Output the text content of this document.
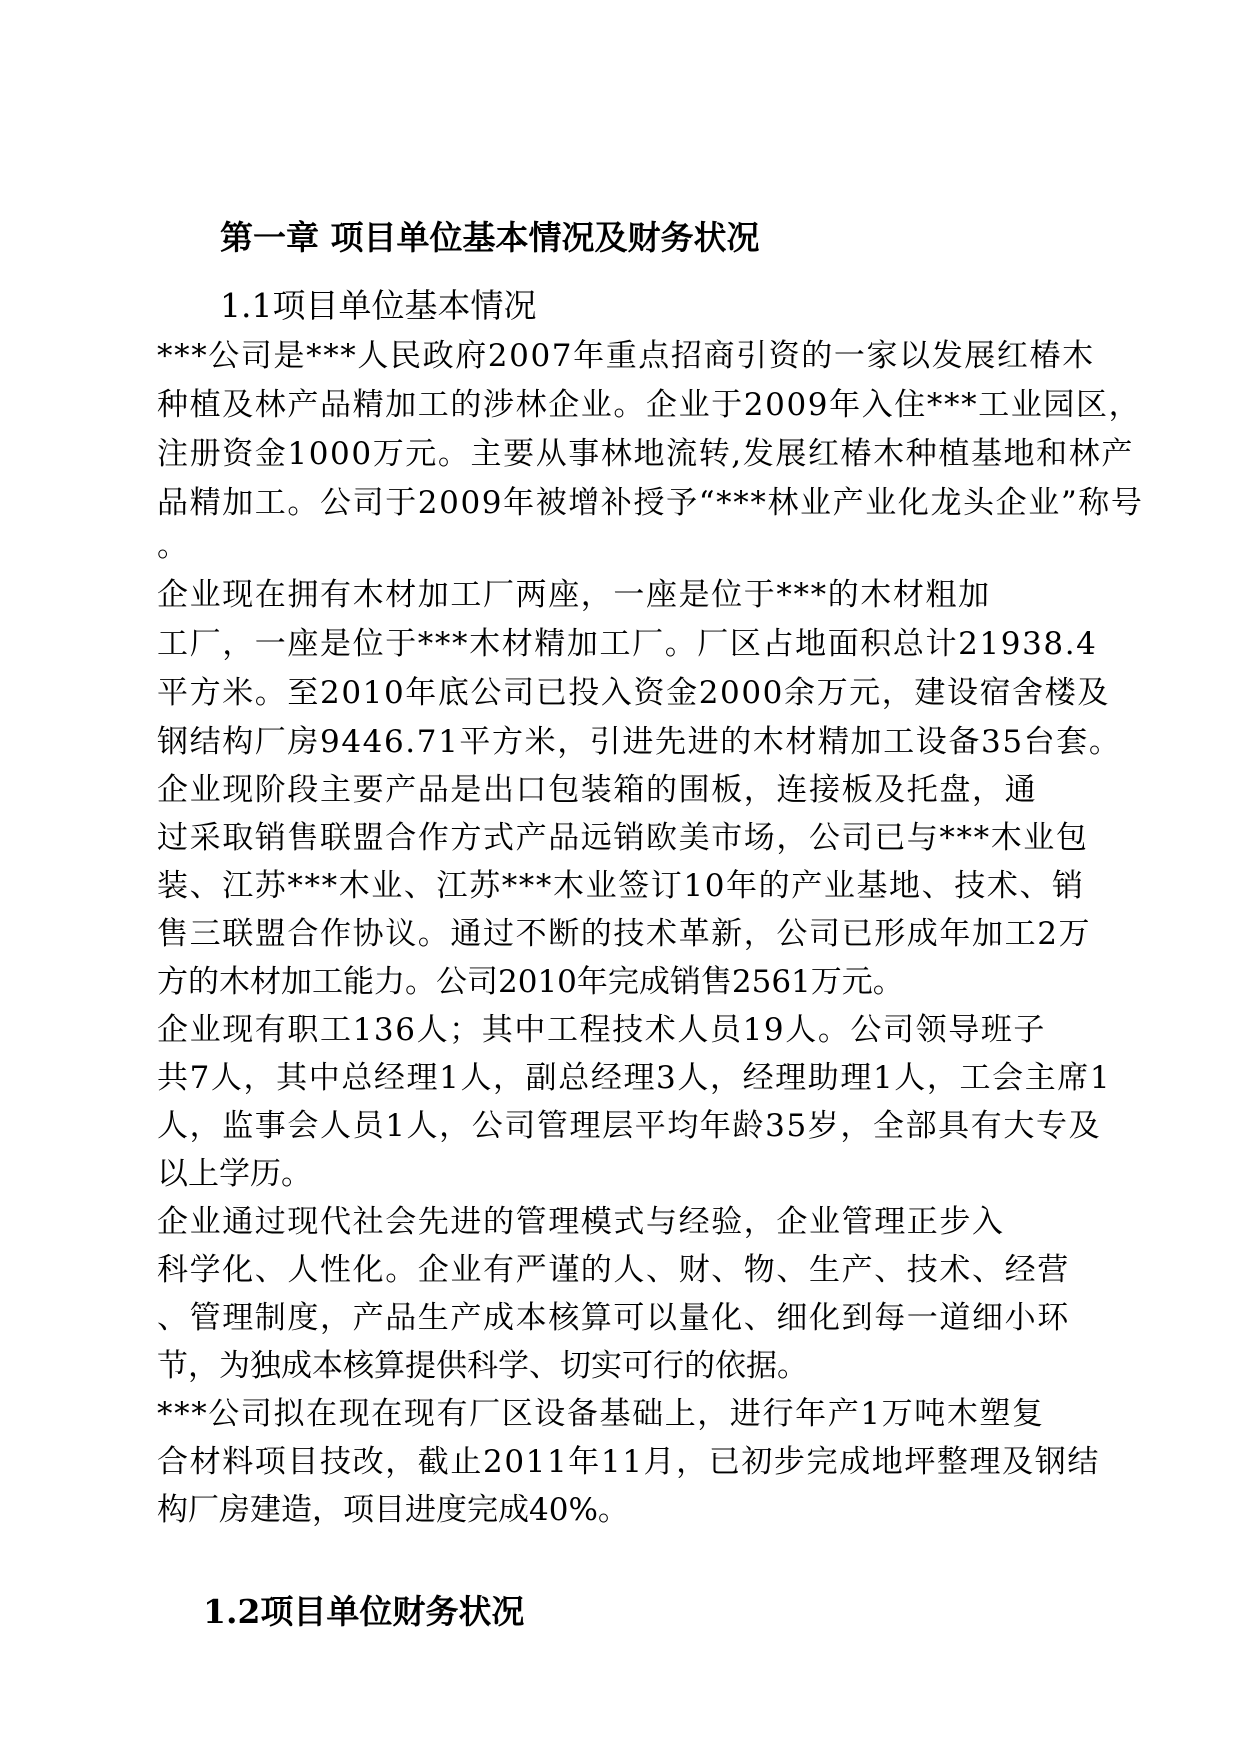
第一章 项目单位基本情况及财务状况
1.1项目单位基本情况
***公司是***人民政府2007年重点招商引资的一家以发展红椿木
种植及林产品精加工的涉林企业。企业于2009年入住***工业园区，
注册资金1000万元。主要从事林地流转,发展红椿木种植基地和林产
品精加工。公司于2009年被增补授予“***林业产业化龙头企业”称号
。
企业现在拥有木材加工厂两座，一座是位于***的木材粗加
工厂，一座是位于***木材精加工厂。厂区占地面积总计21938.4
平方米。至2010年底公司已投入资金2000余万元，建设宿舍楼及
钢结构厂房9446.71平方米，引进先进的木材精加工设备35台套。
企业现阶段主要产品是出口包装箱的围板，连接板及托盘，通
过采取销售联盟合作方式产品远销欧美市场，公司已与***木业包
装、江苏***木业、江苏***木业签订10年的产业基地、技术、销
售三联盟合作协议。通过不断的技术革新，公司已形成年加工2万
方的木材加工能力。公司2010年完成销售2561万元。
企业现有职工136人；其中工程技术人员19人。公司领导班子
共7人，其中总经理1人，副总经理3人，经理助理1人，工会主席1
人，监事会人员1人，公司管理层平均年龄35岁，全部具有大专及
以上学历。
企业通过现代社会先进的管理模式与经验，企业管理正步入
科学化、人性化。企业有严谨的人、财、物、生产、技术、经营
、管理制度，产品生产成本核算可以量化、细化到每一道细小环
节，为独成本核算提供科学、切实可行的依据。
***公司拟在现在现有厂区设备基础上，进行年产1万吨木塑复
合材料项目技改，截止2011年11月，已初步完成地坪整理及钢结
构厂房建造，项目进度完成40%。
1.2项目单位财务状况
